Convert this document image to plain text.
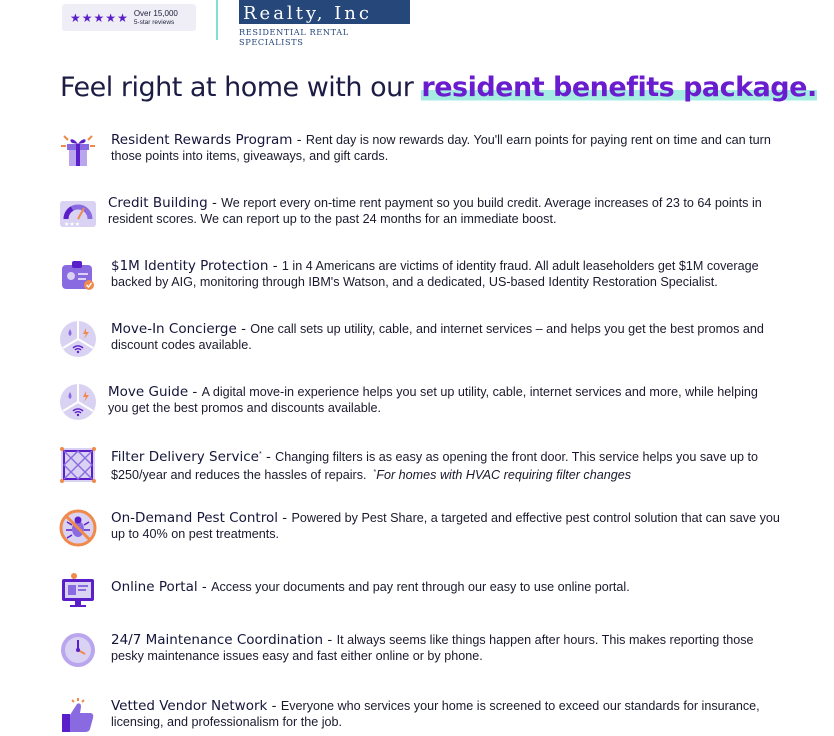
★ ★ ★ ★ ★ Over 15,000
5-star reviews	Realty, Inc
RESIDENTIAL RENTAL SPECIALISTS
Feel right at home with our resident benefits package.
Resident Rewards Program - Rent day is now rewards day. You'll earn points for paying rent on time and can turn those points into items, giveaways, and gift cards.
★★★
Credit Building - We report every on-time rent payment so you build credit. Average increases of 23 to 64 points in resident scores. We can report up to the past 24 months for an immediate boost.
$1M Identity Protection - 1 in 4 Americans are victims of identity fraud. All adult leaseholders get $1M coverage backed by AIG, monitoring through IBM's Watson, and a dedicated, US-based Identity Restoration Specialist.
Move-In Concierge - One call sets up utility, cable, and internet services – and helps you get the best promos and discount codes available.
Move Guide - A digital move-in experience helps you set up utility, cable, internet services and more, while helping you get the best promos and discounts available.
Filter Delivery Service* - Changing filters is as easy as opening the front door. This service helps you save up to $250/year and reduces the hassles of repairs. *For homes with HVAC requiring filter changes
On-Demand Pest Control - Powered by Pest Share, a targeted and effective pest control solution that can save you up to 40% on pest treatments.
Online Portal - Access your documents and pay rent through our easy to use online portal.
24/7 Maintenance Coordination - It always seems like things happen after hours. This makes reporting those pesky maintenance issues easy and fast either online or by phone.
Vetted Vendor Network - Everyone who services your home is screened to exceed our standards for insurance, licensing, and professionalism for the job.
